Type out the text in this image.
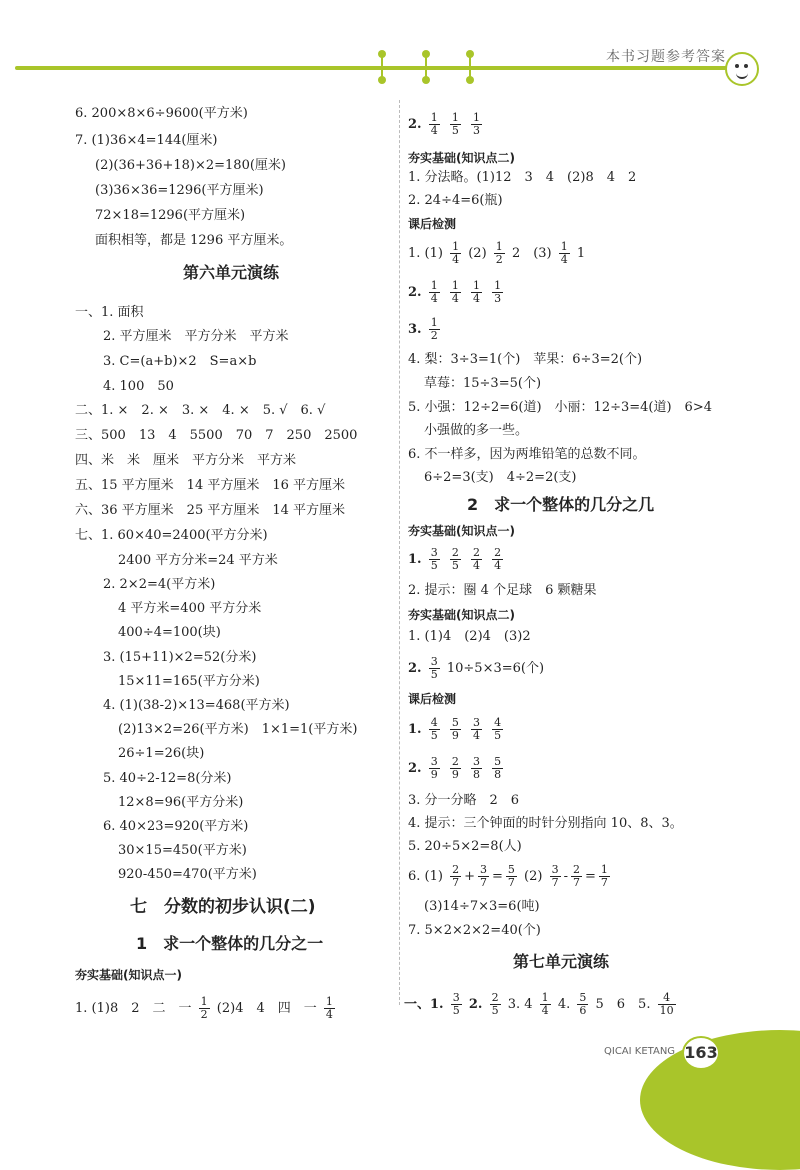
本书习题参考答案
6. 200×8×6÷9600(平方米)
7. (1)36×4=144(厘米)
(2)(36+36+18)×2=180(厘米)
(3)36×36=1296(平方厘米)
72×18=1296(平方厘米)
面积相等，都是 1296 平方厘米。
第六单元演练
一、1. 面积
2. 平方厘米　平方分米　平方米
3. C=(a+b)×2　S=a×b
4. 100　50
二、1. ×　2. ×　3. ×　4. ×　5. √　6. √
三、500　13　4　5500　70　7　250　2500
四、米　米　厘米　平方分米　平方米
五、15 平方厘米　14 平方厘米　16 平方厘米
六、36 平方厘米　25 平方厘米　14 平方厘米
七、1. 60×40=2400(平方分米)
2400 平方分米=24 平方米
2. 2×2=4(平方米)
4 平方米=400 平方分米
400÷4=100(块)
3. (15+11)×2=52(分米)
15×11=165(平方分米)
4. (1)(38-2)×13=468(平方米)
(2)13×2=26(平方米)　1×1=1(平方米)
26÷1=26(块)
5. 40÷2-12=8(分米)
12×8=96(平方分米)
6. 40×23=920(平方米)
30×15=450(平方米)
920-450=470(平方米)
七　分数的初步认识(二)
1　求一个整体的几分之一
夯实基础(知识点一)
1. (1)8　2　二　一 $\frac{1}{2} (2)4$　4　四　一 $\frac{1}{4}$
2. $\frac{1}{4}$
$\frac{1}{5}$
$\frac{1}{3}$
夯实基础(知识点二)
1. 分法略。(1)12　3　4　(2)8　4　2
2. 24÷4=6(瓶)
课后检测
1. $(1) \frac{1}{4} (2) \frac{1}{2} 2$　$(3) \frac{1}{4} 1$
2. $\frac{1}{4}$
$\frac{1}{4}$
$\frac{1}{4}$
$\frac{1}{3}$
3. $\frac{1}{2}$
4. 梨：3÷3=1(个)　苹果：6÷3=2(个)
草莓：15÷3=5(个)
5. 小强：12÷2=6(道)　小丽：12÷3=4(道)　6>4
小强做的多一些。
6. 不一样多，因为两堆铅笔的总数不同。
6÷2=3(支)　4÷2=2(支)
2　求一个整体的几分之几
夯实基础(知识点一)
1. $\frac{3}{5}$
$\frac{2}{5}$
$\frac{2}{4}$
$\frac{2}{4}$
2. 提示：圈 4 个足球　6 颗糖果
夯实基础(知识点二)
1. (1)4　(2)4　(3)2
2. $\frac{3}{5} 10\div 5\times 3=6$(个)
课后检测
1. $\frac{4}{5}$
$\frac{5}{9}$
$\frac{3}{4}$
$\frac{4}{5}$
2. $\frac{3}{9}$
$\frac{2}{9}$
$\frac{3}{8}$
$\frac{5}{8}$
3. 分一分略　2　6
4. 提示：三个钟面的时针分别指向 10、8、3。
5. 20÷5×2=8(人)
6. $(1) \frac{2}{7} + \frac{3}{7} = \frac{5}{7} (2) \frac{3}{7} - \frac{2}{7} = \frac{1}{7}$
(3)14÷7×3=6(吨)
7. 5×2×2×2=40(个)
第七单元演练
一、1. $\frac{3}{5} 2$. $\frac{2}{5} 3$. $4 \frac{1}{4} 4$. $\frac{5}{6} 5$　6　5. $\frac{4}{10}$
QICAI KETANG 163
